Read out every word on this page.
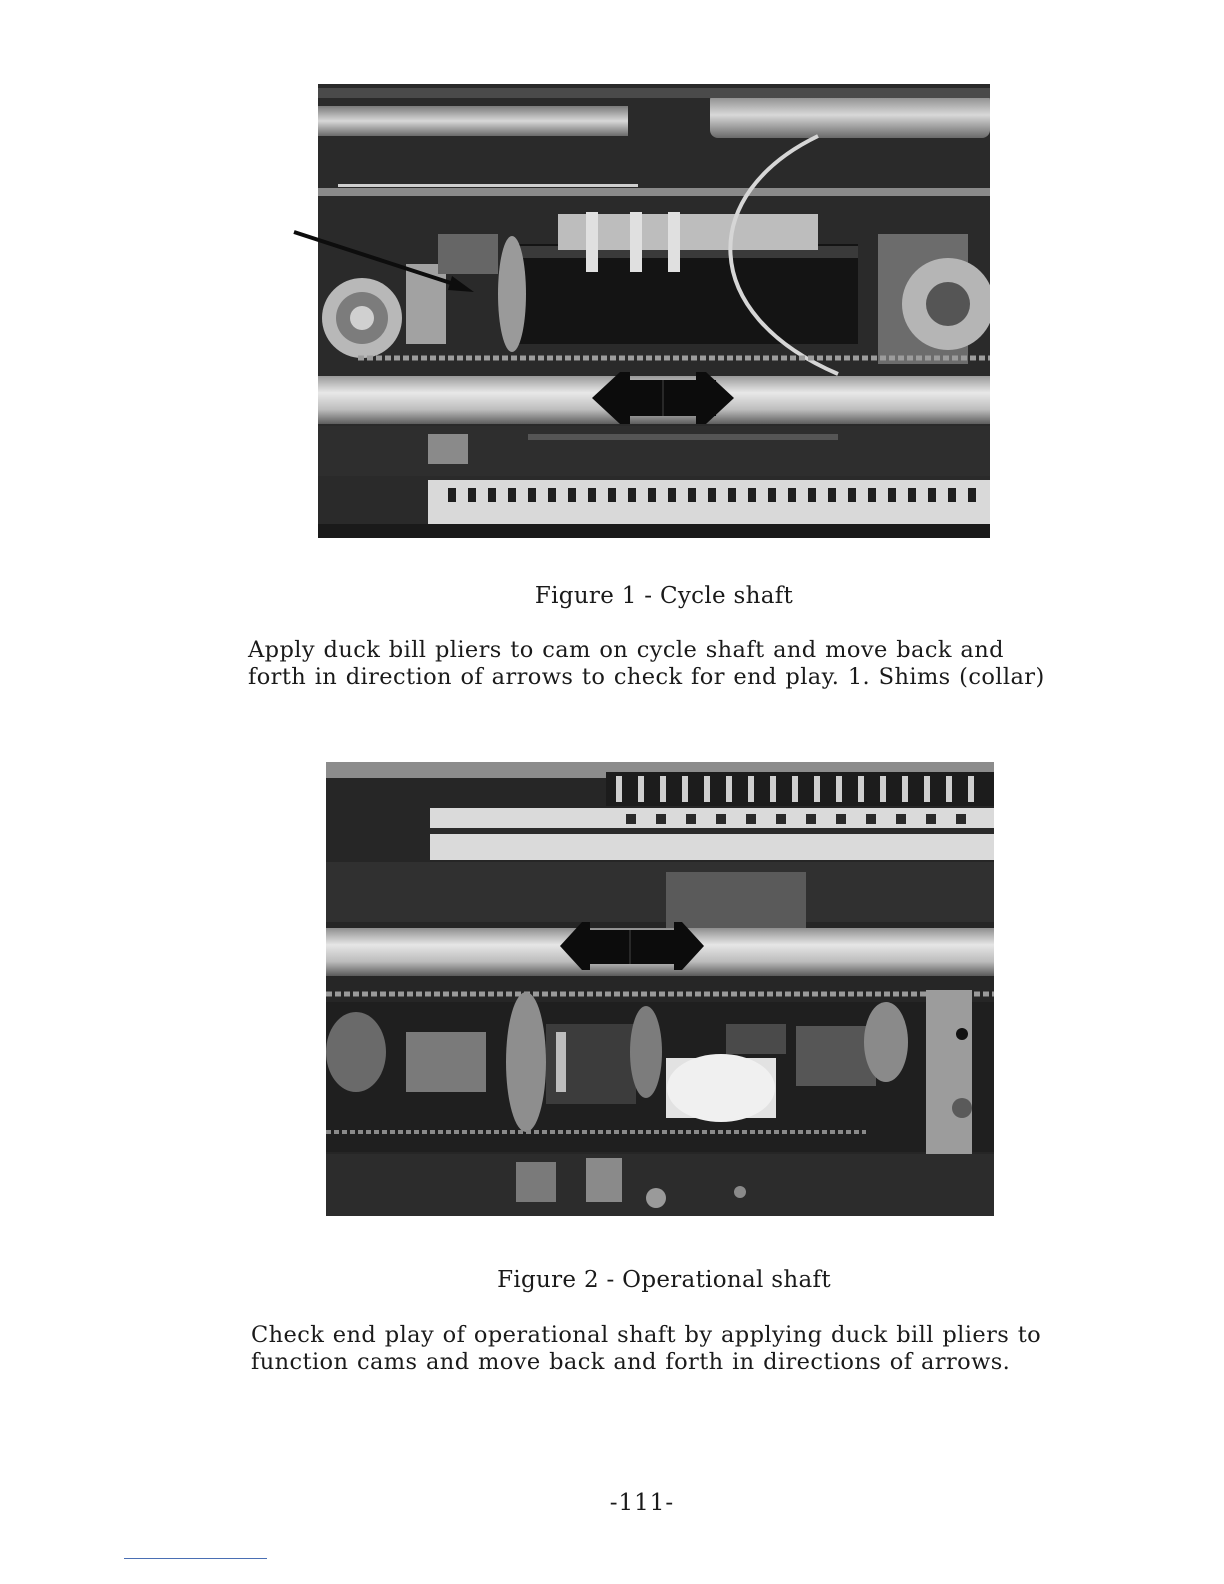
Figure 1 - Cycle shaft
Apply duck bill pliers to cam on cycle shaft and move back and
forth in direction of arrows to check for end play. 1. Shims (collar)
Figure 2 - Operational shaft
Check end play of operational shaft by applying duck bill pliers to
function cams and move back and forth in directions of arrows.
-111-
